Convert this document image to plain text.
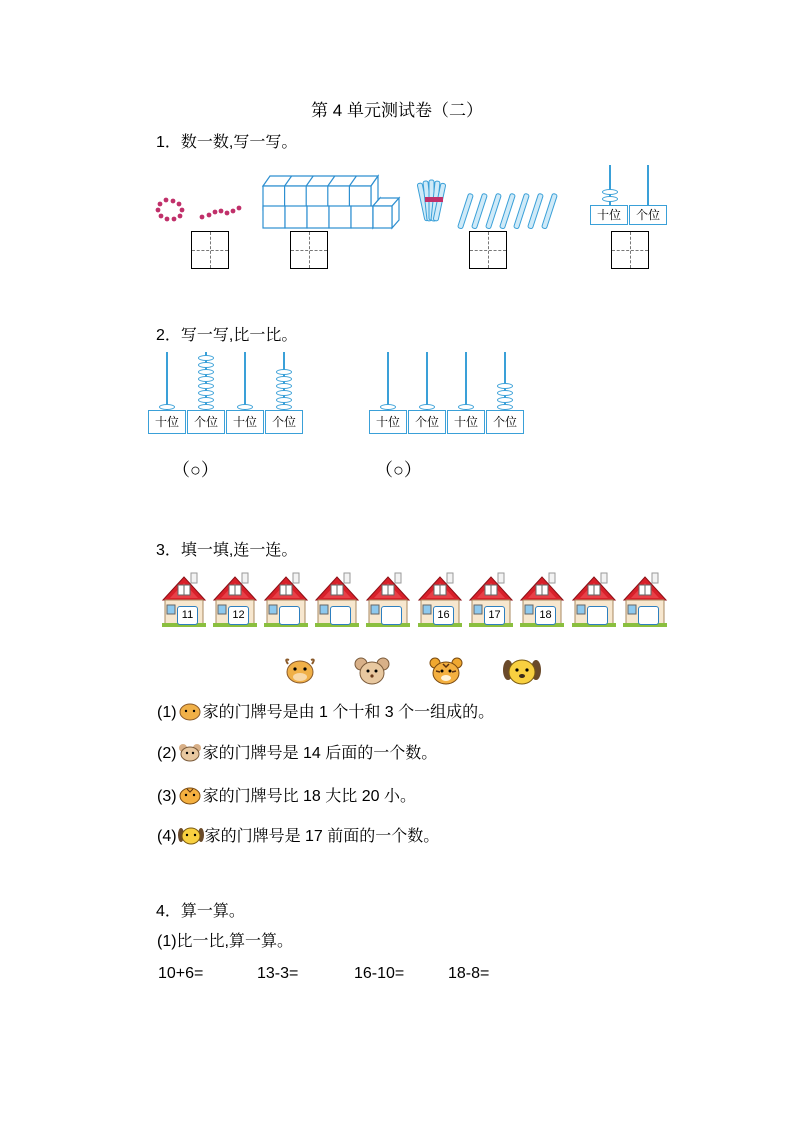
第 4 单元测试卷（二）
1．数一数,写一写。
十位	个位
2．写一写,比一比。
十位	个位	十位	个位	十位	个位	十位	个位
（○）	（○）
3．填一填,连一连。
11	12	16	17	18
(1) 家的门牌号是由 1 个十和 3 个一组成的。
(2) 家的门牌号是 14 后面的一个数。
(3) 家的门牌号比 18 大比 20 小。
(4) 家的门牌号是 17 前面的一个数。
4．算一算。
(1)比一比,算一算。
10+6=	13-3=	16-10=	18-8=
